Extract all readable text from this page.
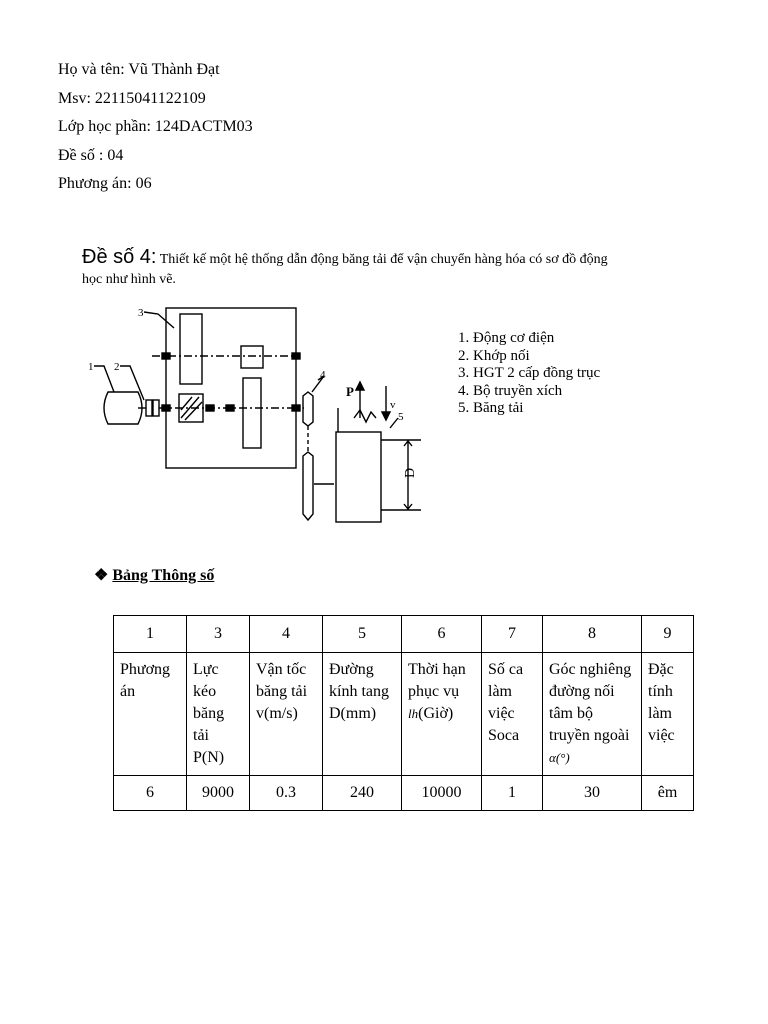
Họ và tên: Vũ Thành Đạt
Msv: 22115041122109
Lớp học phần: 124DACTM03
Đề số : 04
Phương án: 06
Đề số 4: Thiết kế một hệ thống dẫn động băng tải để vận chuyển hàng hóa có sơ đồ động
học như hình vẽ.
3
1 2
4
5
P
v
D
1. Động cơ điện
2. Khớp nối
3. HGT 2 cấp đồng trục
4. Bộ truyền xích
5. Băng tải
❖ Bảng Thông số
1	3	4	5	6	7	8	9
Phương án	Lực kéo băng tải P(N)	Vận tốc băng tải v(m/s)	Đường kính tang D(mm)	Thời hạn phục vụ lh(Giờ)	Số ca làm việc Soca	Góc nghiêng đường nối tâm bộ truyền ngoài α(°)	Đặc tính làm việc
6	9000	0.3	240	10000	1	30	êm
